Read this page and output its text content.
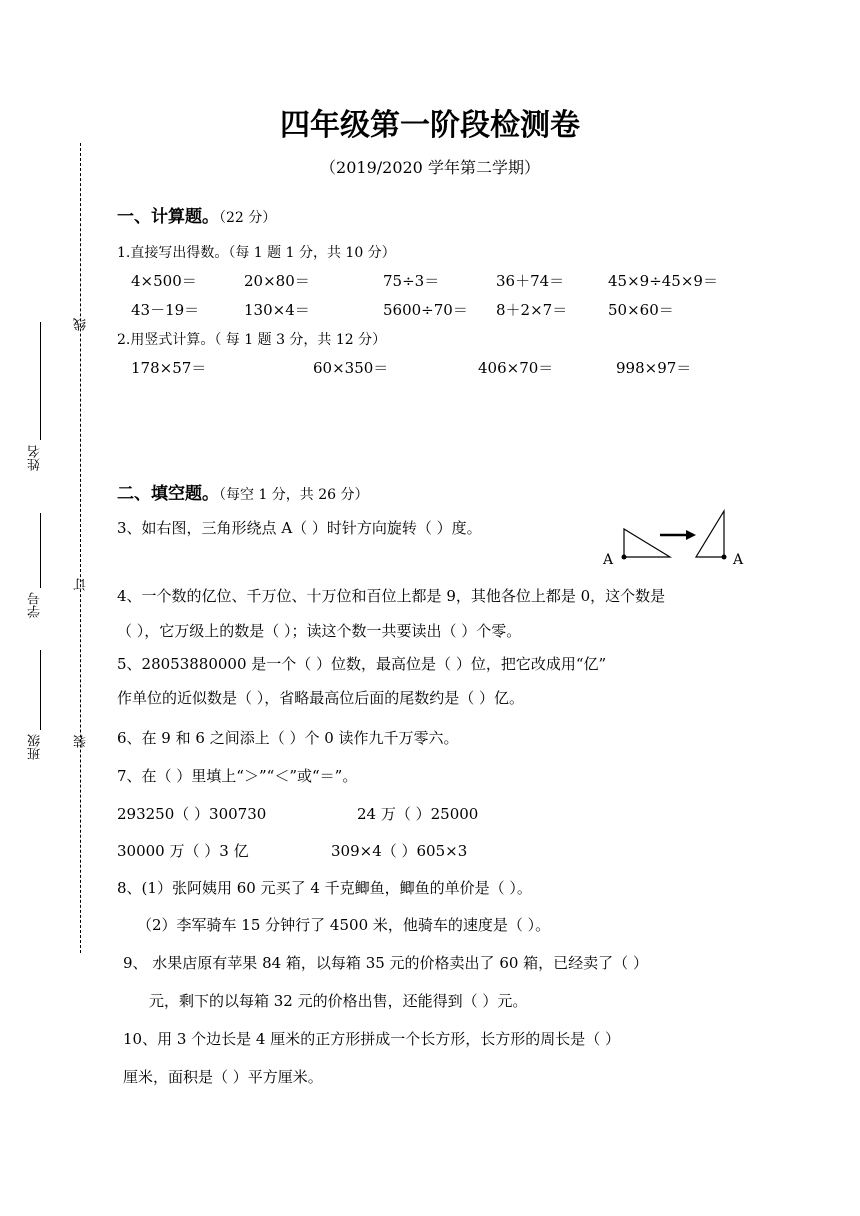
线
订
装
姓名
学号
班级
四年级第一阶段检测卷
（2019/2020 学年第二学期）
一、计算题。（22 分）
1.直接写出得数。（每 1 题 1 分，共 10 分）
4×500＝	20×80＝	75÷3＝	36＋74＝	45×9÷45×9＝
43－19＝	130×4＝	5600÷70＝ 8＋2×7＝	50×60＝
2.用竖式计算。（ 每 1 题 3 分，共 12 分）
178×57＝	60×350＝	406×70＝	998×97＝
二、填空题。（每空 1 分，共 26 分）
3、如右图，三角形绕点 A（ ）时针方向旋转（ ）度。
A	A
4、一个数的亿位、千万位、十万位和百位上都是 9，其他各位上都是 0，这个数是
（ ），它万级上的数是（ ）；读这个数一共要读出（ ）个零。
5、28053880000 是一个（ ）位数，最高位是（ ）位，把它改成用“亿”
作单位的近似数是（ ），省略最高位后面的尾数约是（ ）亿。
6、在 9 和 6 之间添上（ ）个 0 读作九千万零六。
7、在（ ）里填上“＞”“＜”或“＝”。
293250（ ）300730	24 万（ ）25000
30000 万（ ）3 亿	309×4（ ）605×3
8、(1）张阿姨用 60 元买了 4 千克鲫鱼，鲫鱼的单价是（ ）。
（2）李军骑车 15 分钟行了 4500 米，他骑车的速度是（ ）。
9、 水果店原有苹果 84 箱，以每箱 35 元的价格卖出了 60 箱，已经卖了（ ）
元，剩下的以每箱 32 元的价格出售，还能得到（ ）元。
10、用 3 个边长是 4 厘米的正方形拼成一个长方形，长方形的周长是（ ）
厘米，面积是（ ）平方厘米。
